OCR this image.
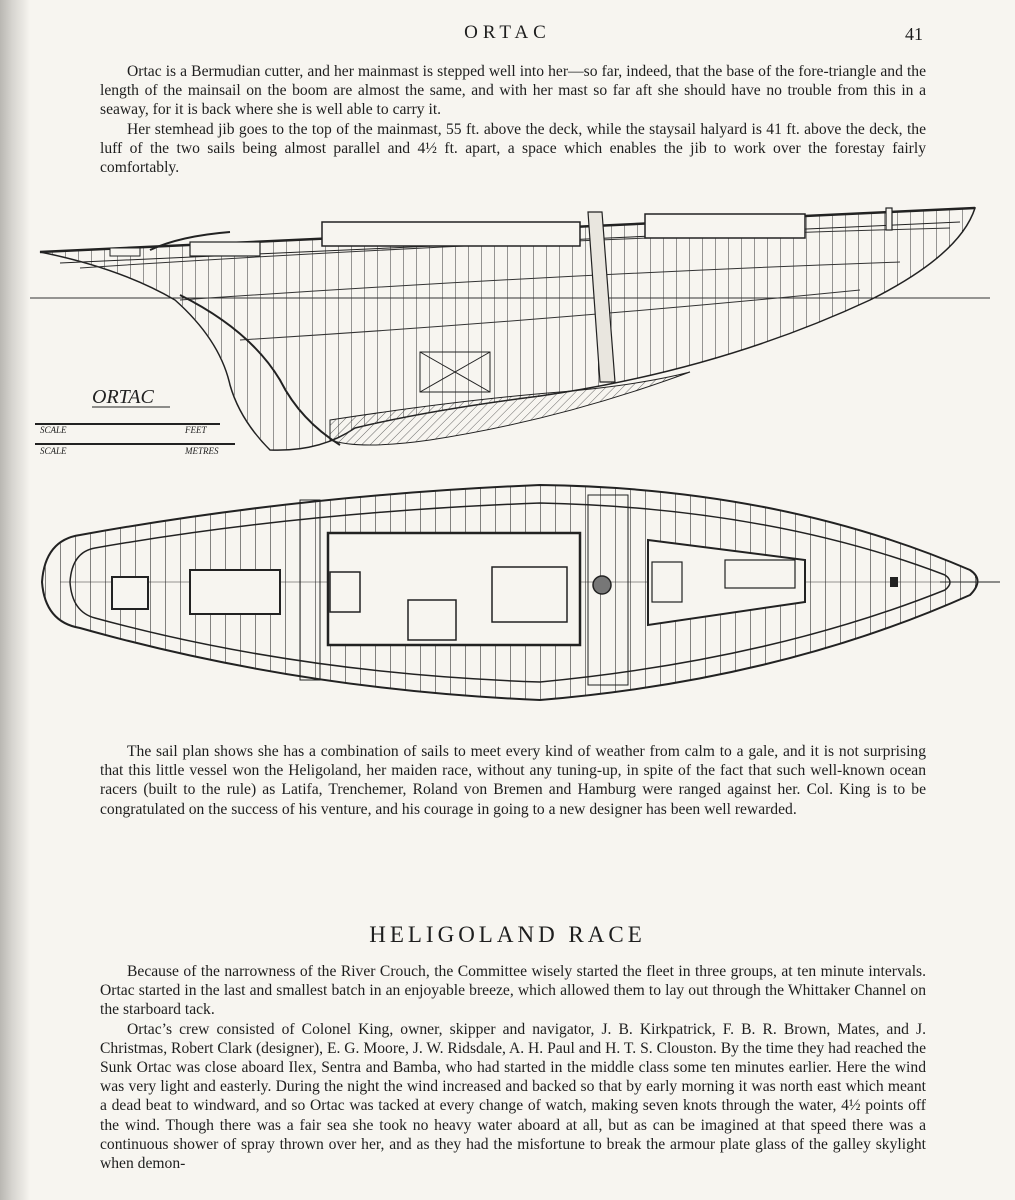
ORTAC	41

Ortac is a Bermudian cutter, and her mainmast is stepped well into her—so far, indeed, that the base of the fore-triangle and the length of the mainsail on the boom are almost the same, and with her mast so far aft she should have no trouble from this in a seaway, for it is back where she is well able to carry it.

Her stemhead jib goes to the top of the mainmast, 55 ft. above the deck, while the staysail halyard is 41 ft. above the deck, the luff of the two sails being almost parallel and 4½ ft. apart, a space which enables the jib to work over the forestay fairly comfortably.

ORTAC
SCALE	FEET
SCALE	METRES

The sail plan shows she has a combination of sails to meet every kind of weather from calm to a gale, and it is not surprising that this little vessel won the Heligoland, her maiden race, without any tuning-up, in spite of the fact that such well-known ocean racers (built to the rule) as Latifa, Trenchemer, Roland von Bremen and Hamburg were ranged against her. Col. King is to be congratulated on the success of his venture, and his courage in going to a new designer has been well rewarded.

HELIGOLAND RACE

Because of the narrowness of the River Crouch, the Committee wisely started the fleet in three groups, at ten minute intervals. Ortac started in the last and smallest batch in an enjoyable breeze, which allowed them to lay out through the Whittaker Channel on the starboard tack.

Ortac’s crew consisted of Colonel King, owner, skipper and navigator, J. B. Kirkpatrick, F. B. R. Brown, Mates, and J. Christmas, Robert Clark (designer), E. G. Moore, J. W. Ridsdale, A. H. Paul and H. T. S. Clouston. By the time they had reached the Sunk Ortac was close aboard Ilex, Sentra and Bamba, who had started in the middle class some ten minutes earlier. Here the wind was very light and easterly. During the night the wind increased and backed so that by early morning it was north east which meant a dead beat to windward, and so Ortac was tacked at every change of watch, making seven knots through the water, 4½ points off the wind. Though there was a fair sea she took no heavy water aboard at all, but as can be imagined at that speed there was a continuous shower of spray thrown over her, and as they had the misfortune to break the armour plate glass of the galley skylight when demon-
